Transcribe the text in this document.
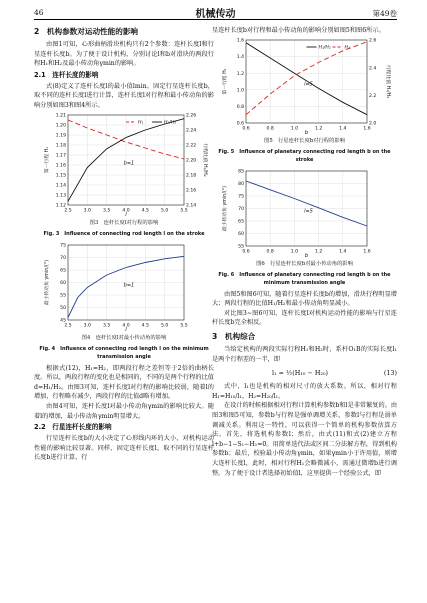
46	机械传动	第49卷
2　机构参数对运动性能的影响

由图1可知，心形曲柄滑块机构只有2个参数：连杆长度l和行星连杆长度b。为了便于设计机构，分别讨论l和b对滑块的两段行程H₁和H₂及最小传动角γmin的影响。

2.1　连杆长度的影响

式(8)定义了连杆长度l的最小值lmin。固定行星连杆长度b，取不同的连杆长度l进行计算，连杆长度l对行程和最小传动角的影响分别如图3和图4所示。

2.5	3.0	3.5	4.0	4.5	5.0	5.5
1.12
1.13
1.14
1.15
1.16
1.17
1.18
1.19
1.20
1.21
2.14
2.16
2.18
2.20
2.22
2.24
2.26
l
第一行程 H₁	行程比值 H₁/H₂
b=1
H₁	H₁/H₂
图3　连杆长度l对行程的影响
Fig. 3　Influence of connecting rod length l on the stroke
2.5	3.0	3.5	4.0	4.5	5.0	5.5
45
50
55
60
65
70
75
l
最小传动角 γmin/(°)	b=1
图4　连杆长度l对最小传动角的影响
Fig. 4　Influence of connecting rod length l on the minimum transmission angle

根据式(12)，H₁=H₂，即两段行程之差恒等于2倍的曲柄长度。所以，两段行程的变化也是相同的，不同的是两个行程的比值d=H₁/H₂。由图3可知，连杆长度l对行程的影响比较弱，随着l的增加，行程略有减少，两段行程的比值d略有增加。

由图4可知，连杆长度l对最小传动角γmin的影响比较大。随着l的增加，最小传动角γmin明显增大。

2.2　行星连杆长度的影响

行星连杆长度b的大小决定了心形线内环的大小，对机构运动性能的影响比较显著。同样，固定连杆长度l，取不同的行星连杆长度b进行计算，行

星连杆长度b对行程和最小传动角的影响分别如图5和图6所示。

0.6	0.8	1.0	1.2	1.4	1.6
0.6
0.8
1.0
1.2
1.4
1.6
2.0
2.2
2.4
2.6
b
第一行程 H₁	行程比值 H₁/H₂
l=5
H₁/H₂	H₁
图5　行星连杆长度b对行程的影响
Fig. 5　Influence of planetary connecting rod length b on the stroke
0.6	0.8	1.0	1.2	1.4	1.6
55
60
65
70
75
80
85
b
最小传动角 γmin/(°)	l=5
图6　行星连杆长度b对最小传动角的影响
Fig. 6　Influence of planetary connecting rod length b on the minimum transmission angle

由图5和图6可知，随着行星连杆长度b的增加，滑块行程明显增大；两段行程的比值H₁/H₂和最小传动角明显减小。

对比图3~图6可知，连杆长度l对机构运动性能的影响与行星连杆长度b完全相反。

3　机构综合

当给定机构的两段实际行程H₁和H₂时，系杆O₁B的实际长度l₁是两个行程差的一半，即

l₁ = ½(H₁₀ − H₂₀)	(13)

式中，l₁也是机构的相对尺寸的放大系数。所以，相对行程H₁=H₁₀/l₁，H₂=H₂₀/l₁。

在设计的时候根据相对行程计算机构参数b和l是非常繁复的。由图3和图5可知，参数b与行程是强单调增关系，参数l与行程是弱单调减关系。利用这一特性，可以获得一个简单的机构参数估算方法。首先，将选机构参数l；然后，由式(11)和式(2)建立方程l+b−1−S₁−H₁=0。用简单迭代法或区间二分法解方程，得到机构参数b；最后，校验最小传动角γmin，如果γmin小于许用值，则增大连杆长度l，此时，相对行程H₁会略微减小，需通过微增b进行调整。为了便于设计者选择初始值l，这里提供一个经验公式，即
